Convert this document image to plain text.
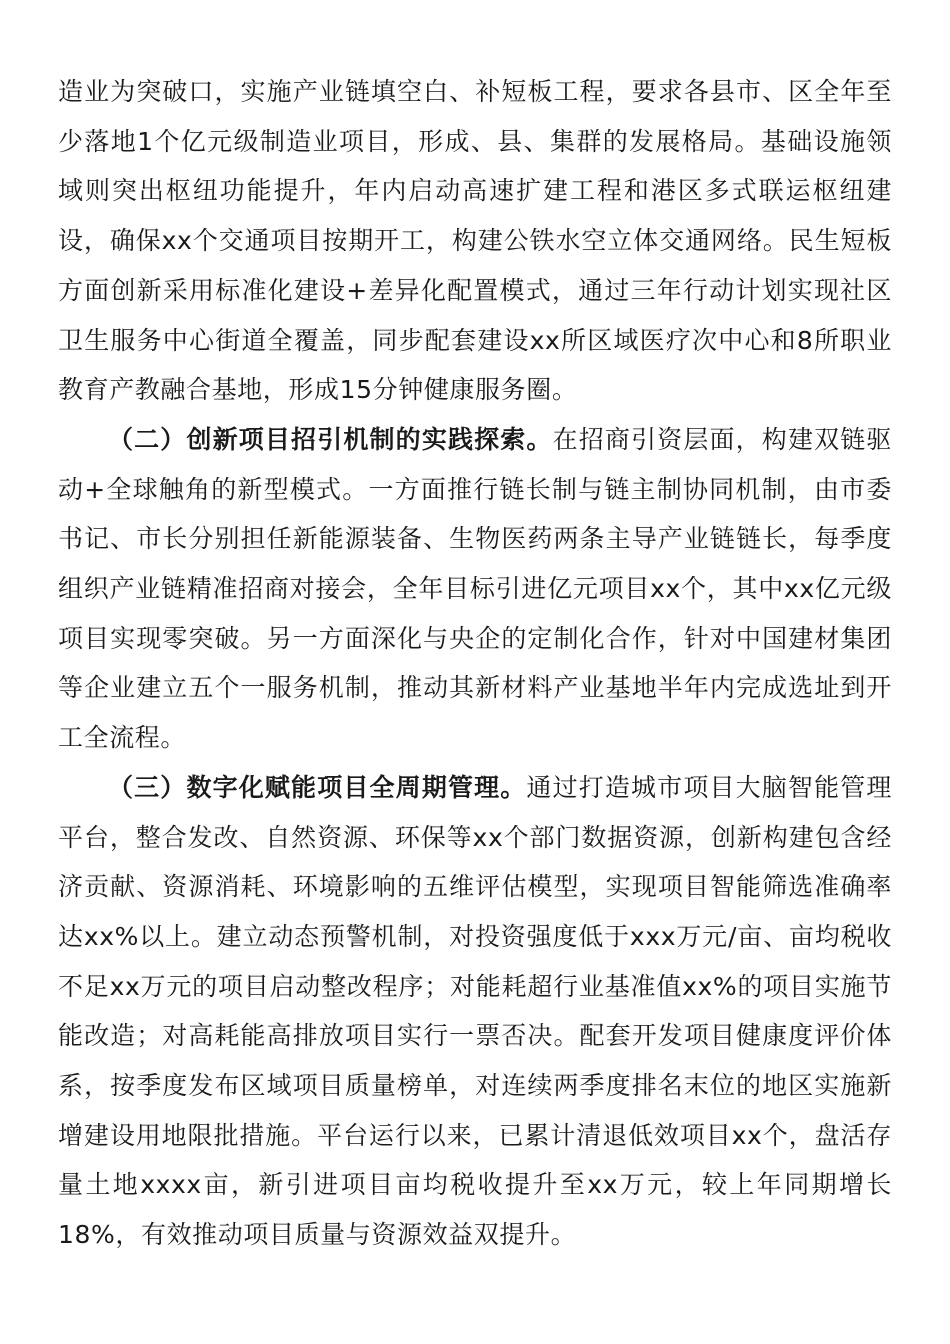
造业为突破口，实施产业链填空白、补短板工程，要求各县市、区全年至少落地1个亿元级制造业项目，形成、县、集群的发展格局。基础设施领域则突出枢纽功能提升，年内启动高速扩建工程和港区多式联运枢纽建设，确保xx个交通项目按期开工，构建公铁水空立体交通网络。民生短板方面创新采用标准化建设+差异化配置模式，通过三年行动计划实现社区卫生服务中心街道全覆盖，同步配套建设xx所区域医疗次中心和8所职业教育产教融合基地，形成15分钟健康服务圈。

（二）创新项目招引机制的实践探索。在招商引资层面，构建双链驱动+全球触角的新型模式。一方面推行链长制与链主制协同机制，由市委书记、市长分别担任新能源装备、生物医药两条主导产业链链长，每季度组织产业链精准招商对接会，全年目标引进亿元项目xx个，其中xx亿元级项目实现零突破。另一方面深化与央企的定制化合作，针对中国建材集团等企业建立五个一服务机制，推动其新材料产业基地半年内完成选址到开工全流程。

（三）数字化赋能项目全周期管理。通过打造城市项目大脑智能管理平台，整合发改、自然资源、环保等xx个部门数据资源，创新构建包含经济贡献、资源消耗、环境影响的五维评估模型，实现项目智能筛选准确率达xx%以上。建立动态预警机制，对投资强度低于xxx万元/亩、亩均税收不足xx万元的项目启动整改程序；对能耗超行业基准值xx%的项目实施节能改造；对高耗能高排放项目实行一票否决。配套开发项目健康度评价体系，按季度发布区域项目质量榜单，对连续两季度排名末位的地区实施新增建设用地限批措施。平台运行以来，已累计清退低效项目xx个，盘活存量土地xxxx亩，新引进项目亩均税收提升至xx万元，较上年同期增长18%，有效推动项目质量与资源效益双提升。
